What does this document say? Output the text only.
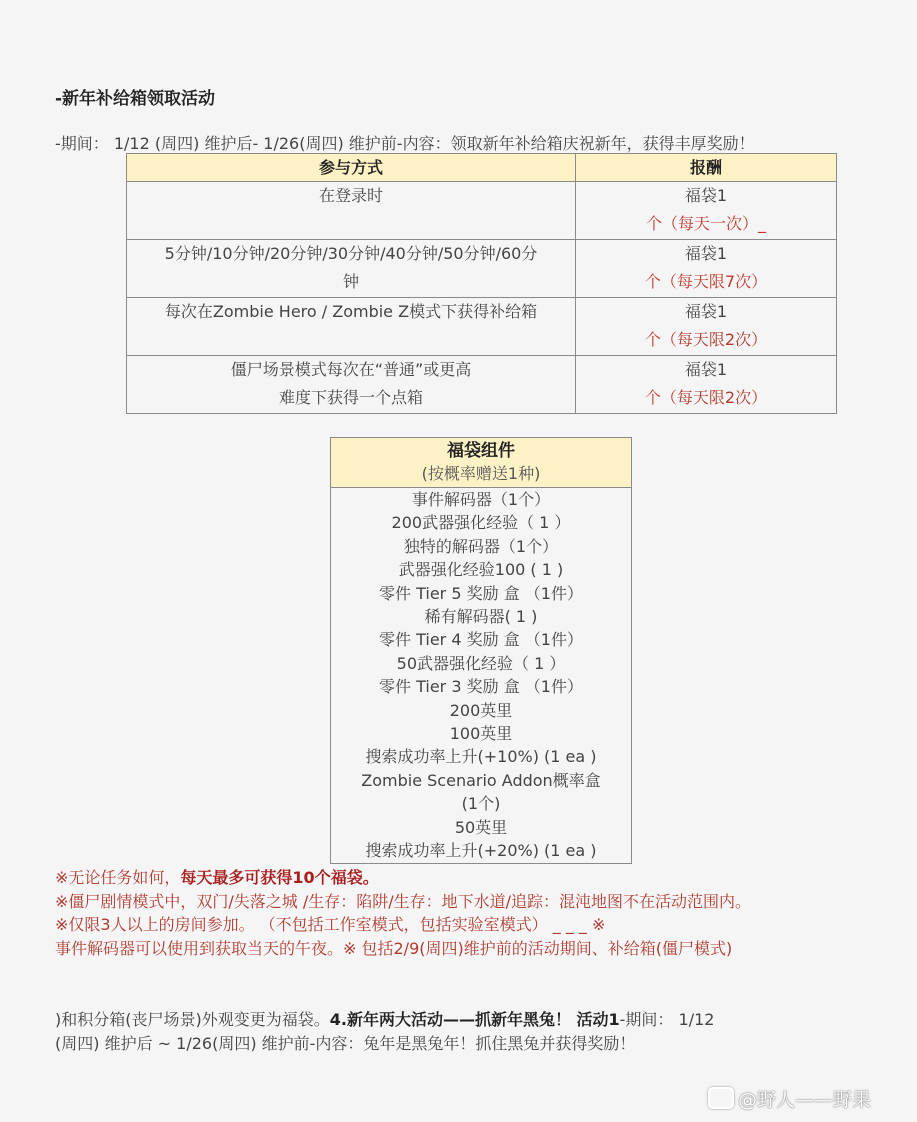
-新年补给箱领取活动
-期间： 1/12 (周四) 维护后- 1/26(周四) 维护前-内容：领取新年补给箱庆祝新年，获得丰厚奖励！
参与方式	报酬
在登录时	福袋1
个（每天一次）_

5分钟/10分钟/20分钟/30分钟/40分钟/50分钟/60分钟	福袋1
个（每天限7次）

每次在Zombie Hero / Zombie Z模式下获得补给箱	福袋1
个（每天限2次）

僵尸场景模式每次在“普通”或更高难度下获得一个点箱	福袋1
个（每天限2次）
福袋组件
(按概率赠送1种)
事件解码器（1个）
200武器强化经验（ 1 ）
独特的解码器（1个）
武器强化经验100 ( 1 )
零件 Tier 5 奖励 盒 （1件）
稀有解码器( 1 )
零件 Tier 4 奖励 盒 （1件）
50武器强化经验（ 1 ）
零件 Tier 3 奖励 盒 （1件）
200英里
100英里
搜索成功率上升(+10%) (1 ea )
Zombie Scenario Addon概率盒
(1个)
50英里
搜索成功率上升(+20%) (1 ea )
※无论任务如何，每天最多可获得10个福袋。
※僵尸剧情模式中，双门/失落之城 /生存：陷阱/生存：地下水道/追踪：混沌地图不在活动范围内。
※仅限3人以上的房间参加。 （不包括工作室模式，包括实验室模式） _ _ _ ※
事件解码器可以使用到获取当天的午夜。※ 包括2/9(周四)维护前的活动期间、补给箱(僵尸模式)
)和积分箱(丧尸场景)外观变更为福袋。4.新年两大活动——抓新年黑兔！ 活动1-期间： 1/12
(周四) 维护后 ~ 1/26(周四) 维护前-内容：兔年是黑兔年！抓住黑兔并获得奖励！
@野人——野果
